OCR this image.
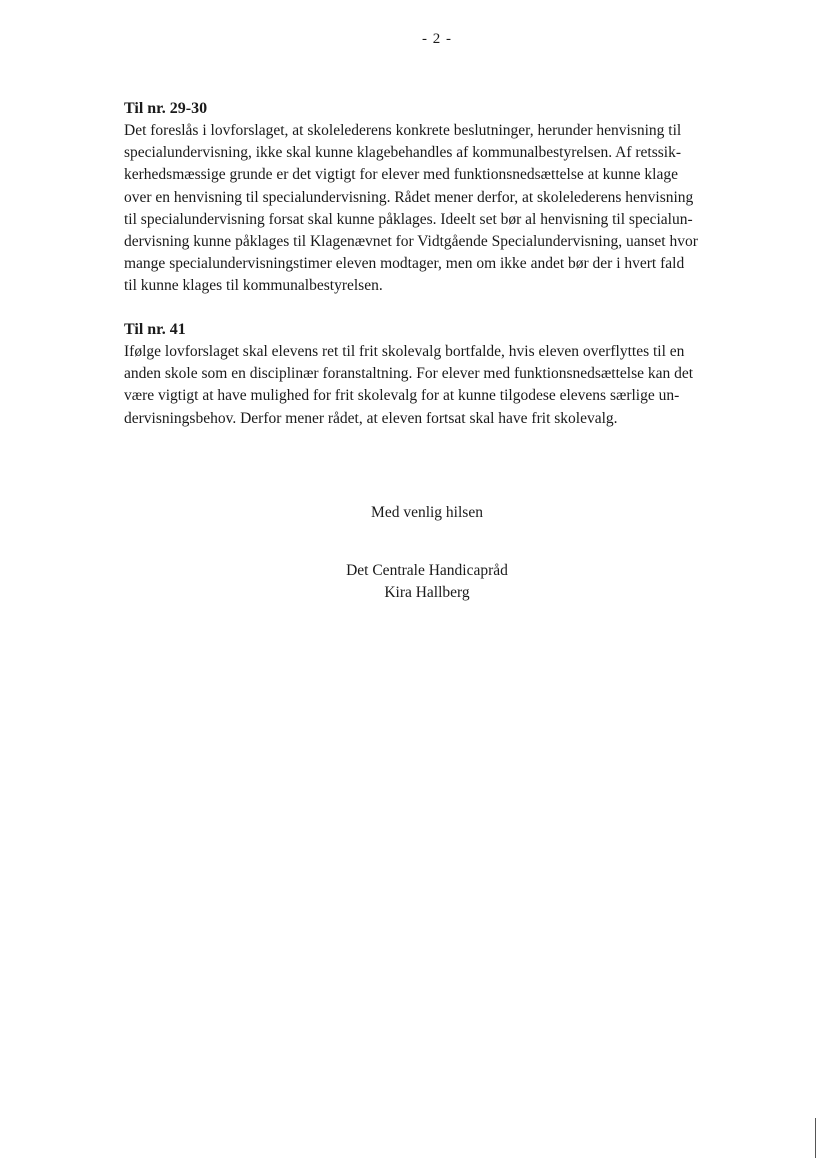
- 2 -

Til nr. 29-30

Det foreslås i lovforslaget, at skolelederens konkrete beslutninger, herunder henvisning til

specialundervisning, ikke skal kunne klagebehandles af kommunalbestyrelsen. Af retssik-

kerhedsmæssige grunde er det vigtigt for elever med funktionsnedsættelse at kunne klage

over en henvisning til specialundervisning. Rådet mener derfor, at skolelederens henvisning

til specialundervisning forsat skal kunne påklages. Ideelt set bør al henvisning til specialun-

dervisning kunne påklages til Klagenævnet for Vidtgående Specialundervisning, uanset hvor

mange specialundervisningstimer eleven modtager, men om ikke andet bør der i hvert fald

til kunne klages til kommunalbestyrelsen.

Til nr. 41

Ifølge lovforslaget skal elevens ret til frit skolevalg bortfalde, hvis eleven overflyttes til en

anden skole som en disciplinær foranstaltning. For elever med funktionsnedsættelse kan det

være vigtigt at have mulighed for frit skolevalg for at kunne tilgodese elevens særlige un-

dervisningsbehov. Derfor mener rådet, at eleven fortsat skal have frit skolevalg.

Med venlig hilsen
Det Centrale Handicapråd
Kira Hallberg
